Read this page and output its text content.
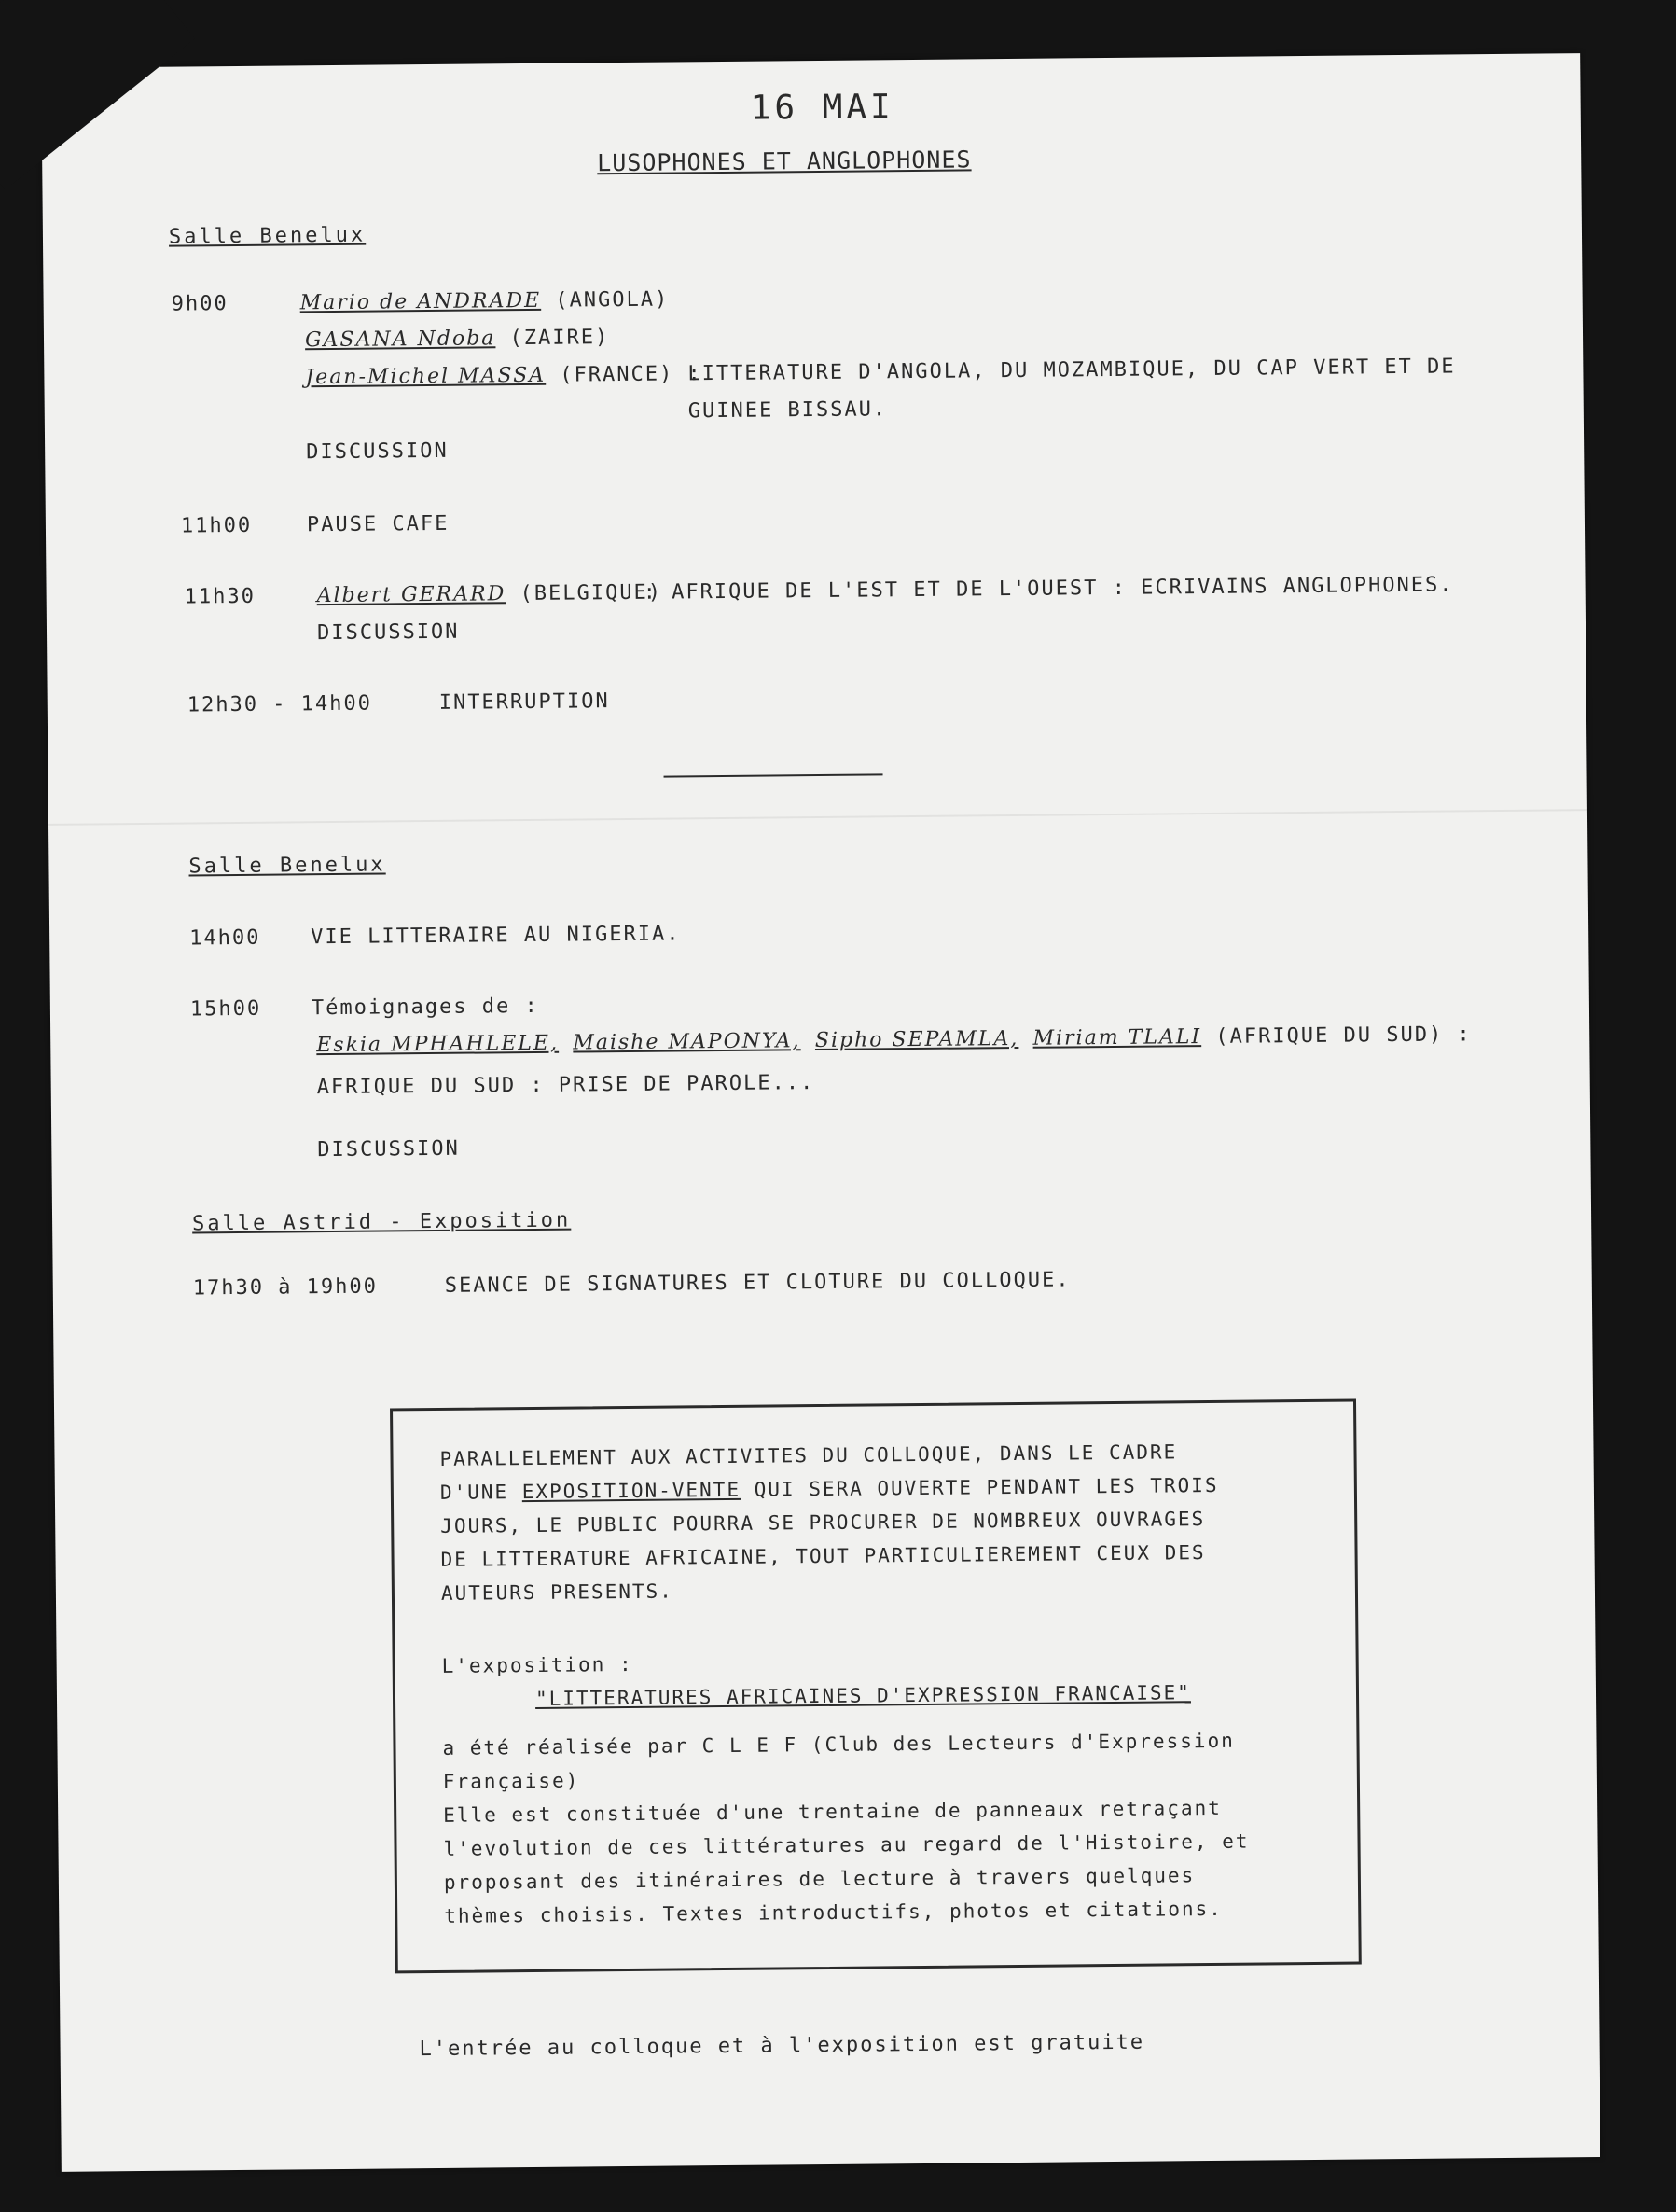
16 MAI
LUSOPHONES ET ANGLOPHONES
Salle Benelux
9h00	Mario de ANDRADE (ANGOLA)
GASANA Ndoba (ZAIRE)
Jean-Michel MASSA (FRANCE) :
LITTERATURE D'ANGOLA, DU MOZAMBIQUE, DU CAP VERT ET DE
GUINEE BISSAU.
DISCUSSION
11h00	PAUSE CAFE
11h30	Albert GERARD (BELGIQUE)
: AFRIQUE DE L'EST ET DE L'OUEST : ECRIVAINS ANGLOPHONES.
DISCUSSION
12h30 - 14h00	INTERRUPTION
Salle Benelux
14h00 VIE LITTERAIRE AU NIGERIA.
15h00 Témoignages de :
Eskia MPHAHLELE, Maishe MAPONYA, Sipho SEPAMLA, Miriam TLALI (AFRIQUE DU SUD) :
AFRIQUE DU SUD : PRISE DE PAROLE...
DISCUSSION
Salle Astrid - Exposition
17h30 à 19h00	SEANCE DE SIGNATURES ET CLOTURE DU COLLOQUE.
PARALLELEMENT AUX ACTIVITES DU COLLOQUE, DANS LE CADRE
D'UNE EXPOSITION-VENTE QUI SERA OUVERTE PENDANT LES TROIS
JOURS, LE PUBLIC POURRA SE PROCURER DE NOMBREUX OUVRAGES
DE LITTERATURE AFRICAINE, TOUT PARTICULIEREMENT CEUX DES
AUTEURS PRESENTS.
L'exposition :
"LITTERATURES AFRICAINES D'EXPRESSION FRANCAISE"
a été réalisée par C L E F (Club des Lecteurs d'Expression
Française)
Elle est constituée d'une trentaine de panneaux retraçant
l'evolution de ces littératures au regard de l'Histoire, et
proposant des itinéraires de lecture à travers quelques
thèmes choisis. Textes introductifs, photos et citations.
L'entrée au colloque et à l'exposition est gratuite
